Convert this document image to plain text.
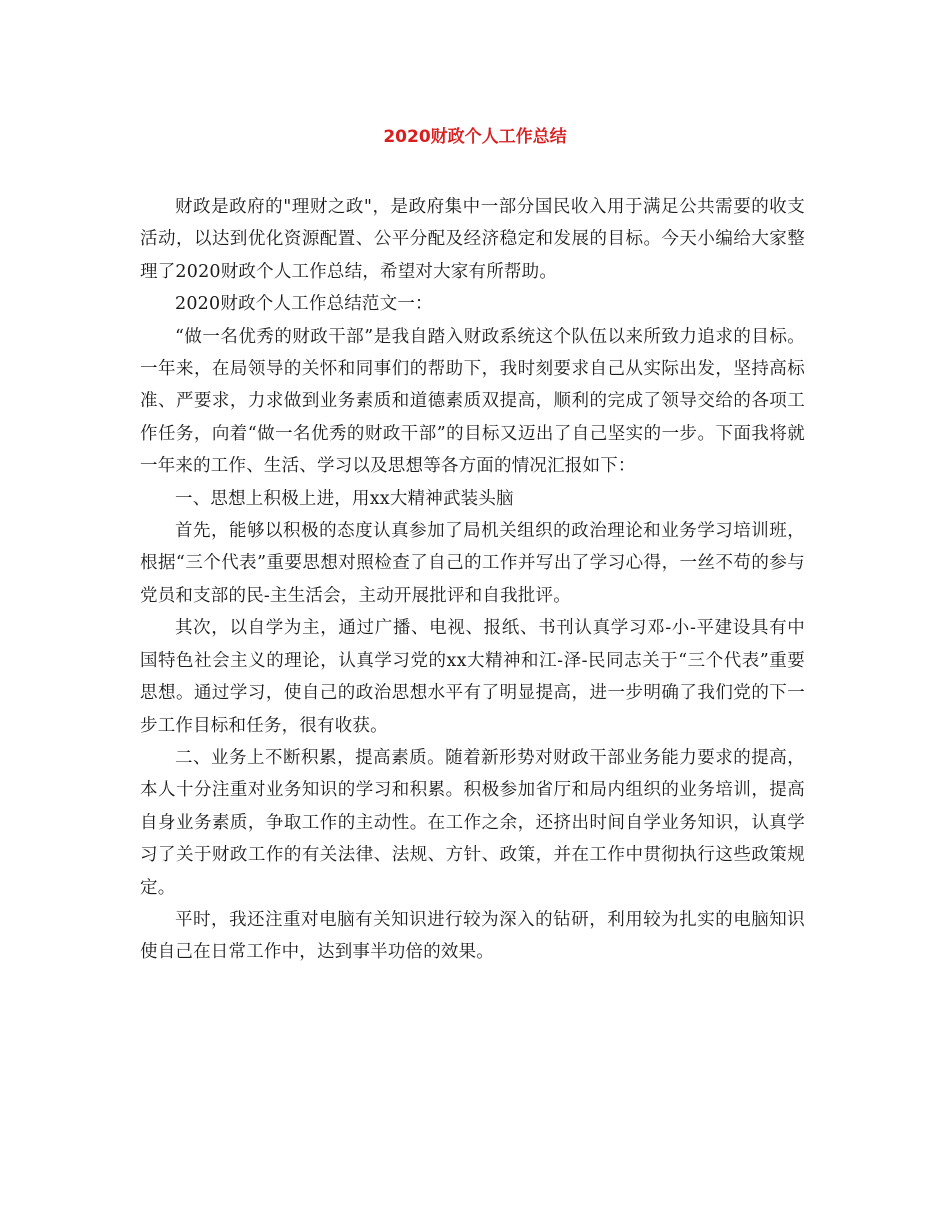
2020财政个人工作总结

财政是政府的"理财之政"，是政府集中一部分国民收入用于满足公共需要的收支活动，以达到优化资源配置、公平分配及经济稳定和发展的目标。今天小编给大家整理了2020财政个人工作总结，希望对大家有所帮助。

2020财政个人工作总结范文一：

“做一名优秀的财政干部”是我自踏入财政系统这个队伍以来所致力追求的目标。一年来，在局领导的关怀和同事们的帮助下，我时刻要求自己从实际出发，坚持高标准、严要求，力求做到业务素质和道德素质双提高，顺利的完成了领导交给的各项工作任务，向着“做一名优秀的财政干部”的目标又迈出了自己坚实的一步。下面我将就一年来的工作、生活、学习以及思想等各方面的情况汇报如下：

一、思想上积极上进，用xx大精神武装头脑

首先，能够以积极的态度认真参加了局机关组织的政治理论和业务学习培训班，根据“三个代表”重要思想对照检查了自己的工作并写出了学习心得，一丝不苟的参与党员和支部的民-主生活会，主动开展批评和自我批评。

其次，以自学为主，通过广播、电视、报纸、书刊认真学习邓-小-平建设具有中国特色社会主义的理论，认真学习党的xx大精神和江-泽-民同志关于“三个代表”重要思想。通过学习，使自己的政治思想水平有了明显提高，进一步明确了我们党的下一步工作目标和任务，很有收获。

二、业务上不断积累，提高素质。随着新形势对财政干部业务能力要求的提高，本人十分注重对业务知识的学习和积累。积极参加省厅和局内组织的业务培训，提高自身业务素质，争取工作的主动性。在工作之余，还挤出时间自学业务知识，认真学习了关于财政工作的有关法律、法规、方针、政策，并在工作中贯彻执行这些政策规定。

平时，我还注重对电脑有关知识进行较为深入的钻研，利用较为扎实的电脑知识使自己在日常工作中，达到事半功倍的效果。
